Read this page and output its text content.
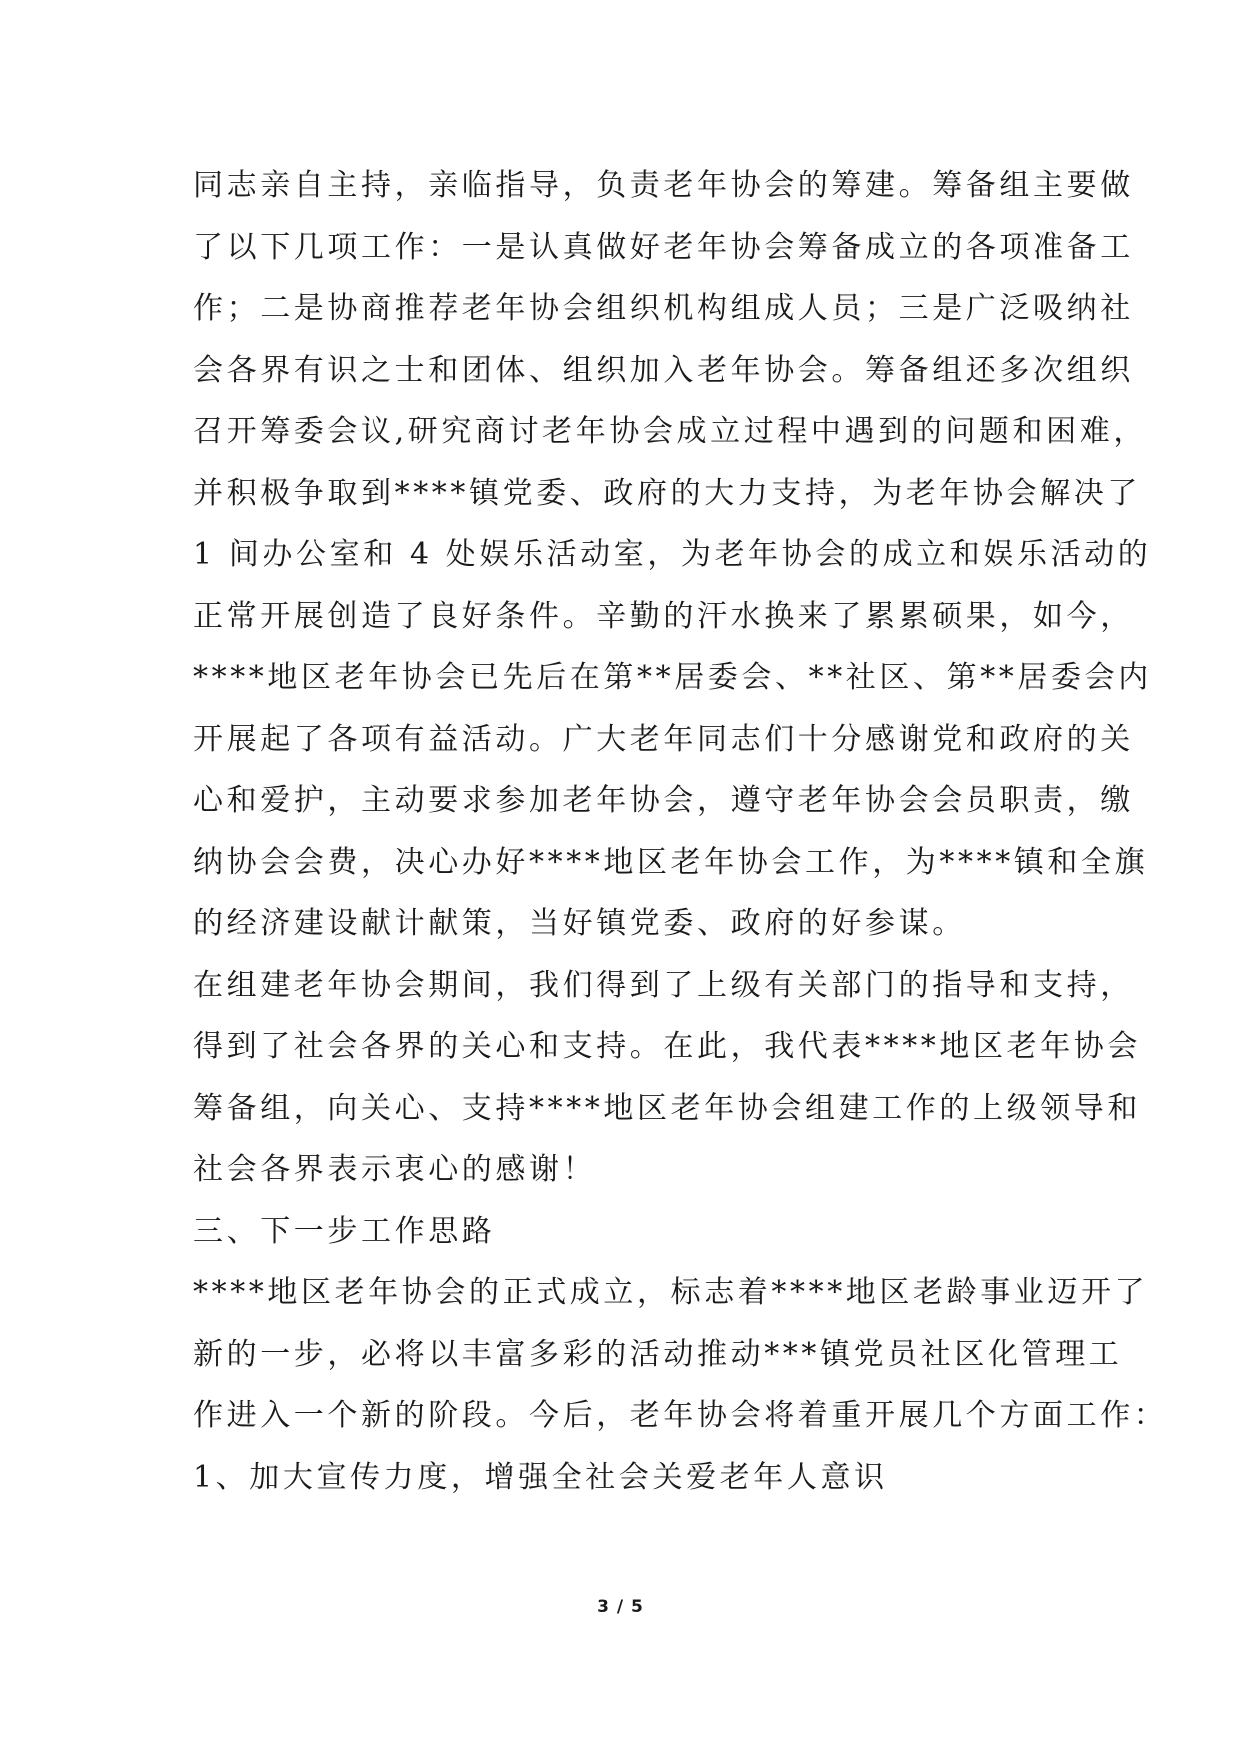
同志亲自主持，亲临指导，负责老年协会的筹建。筹备组主要做
了以下几项工作：一是认真做好老年协会筹备成立的各项准备工
作；二是协商推荐老年协会组织机构组成人员；三是广泛吸纳社
会各界有识之士和团体、组织加入老年协会。筹备组还多次组织
召开筹委会议,研究商讨老年协会成立过程中遇到的问题和困难，
并积极争取到****镇党委、政府的大力支持，为老年协会解决了
1 间办公室和 4 处娱乐活动室，为老年协会的成立和娱乐活动的
正常开展创造了良好条件。辛勤的汗水换来了累累硕果，如今，
****地区老年协会已先后在第**居委会、**社区、第**居委会内
开展起了各项有益活动。广大老年同志们十分感谢党和政府的关
心和爱护，主动要求参加老年协会，遵守老年协会会员职责，缴
纳协会会费，决心办好****地区老年协会工作，为****镇和全旗
的经济建设献计献策，当好镇党委、政府的好参谋。
在组建老年协会期间，我们得到了上级有关部门的指导和支持，
得到了社会各界的关心和支持。在此，我代表****地区老年协会
筹备组，向关心、支持****地区老年协会组建工作的上级领导和
社会各界表示衷心的感谢！
三、下一步工作思路
****地区老年协会的正式成立，标志着****地区老龄事业迈开了
新的一步，必将以丰富多彩的活动推动***镇党员社区化管理工
作进入一个新的阶段。今后，老年协会将着重开展几个方面工作：
1、加大宣传力度，增强全社会关爱老年人意识
3 / 5
